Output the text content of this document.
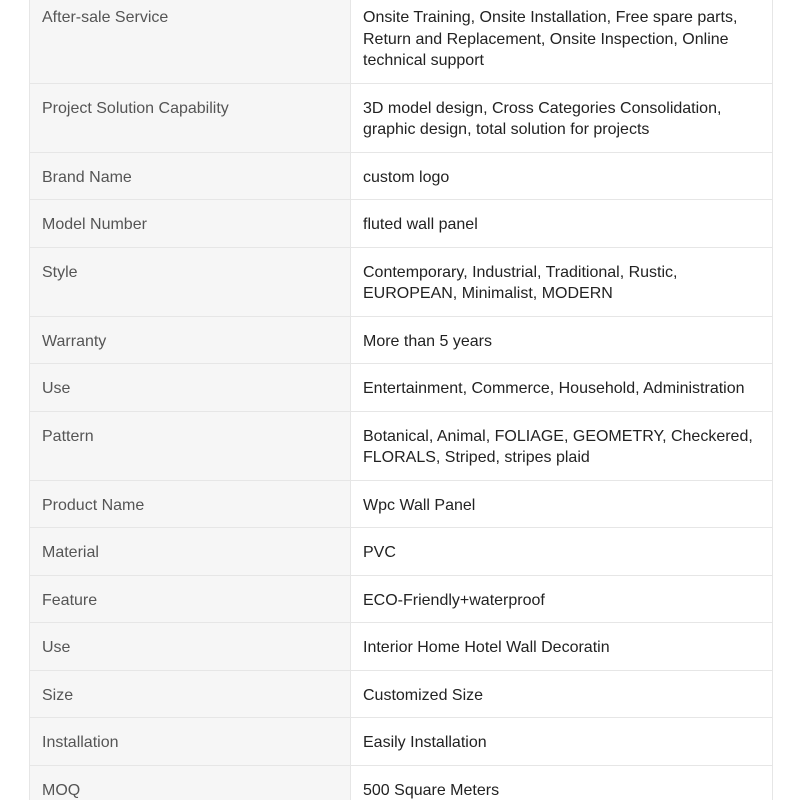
After-sale Service	Onsite Training, Onsite Installation, Free spare parts, Return and Replacement, Onsite Inspection, Online technical support
Project Solution Capability	3D model design, Cross Categories Consolidation, graphic design, total solution for projects
Brand Name	custom logo
Model Number	fluted wall panel
Style	Contemporary, Industrial, Traditional, Rustic, EUROPEAN, Minimalist, MODERN
Warranty	More than 5 years
Use	Entertainment, Commerce, Household, Administration
Pattern	Botanical, Animal, FOLIAGE, GEOMETRY, Checkered, FLORALS, Striped, stripes plaid
Product Name	Wpc Wall Panel
Material	PVC
Feature	ECO-Friendly+waterproof
Use	Interior Home Hotel Wall Decoratin
Size	Customized Size
Installation	Easily Installation
MOQ	500 Square Meters
